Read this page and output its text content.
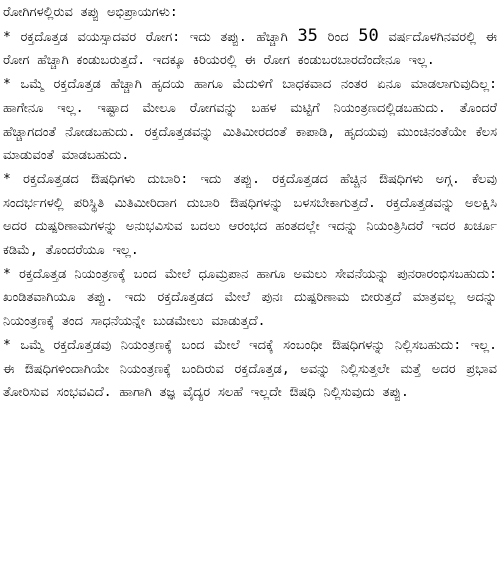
ರೋಗಿಗಳಲ್ಲಿರುವ ತಪ್ಪು ಅಭಿಪ್ರಾಯಗಳು:

* ರಕ್ತದೊತ್ತಡ ವಯಸ್ಸಾದವರ ರೋಗ: ಇದು ತಪ್ಪು. ಹೆಚ್ಚಾಗಿ 35 ರಿಂದ 50 ವರ್ಷದೊಳಗಿನವರಲ್ಲಿ ಈ ರೋಗ ಹೆಚ್ಚಾಗಿ ಕಂಡುಬರುತ್ತದೆ. ಇದಕ್ಕೂ ಕಿರಿಯರಲ್ಲಿ ಈ ರೋಗ ಕಂಡುಬರಬಾರದೆಂದೇನೂ ಇಲ್ಲ.

* ಒಮ್ಮೆ ರಕ್ತದೊತ್ತಡ ಹೆಚ್ಚಾಗಿ ಹೃದಯ ಹಾಗೂ ಮೆದುಳಿಗೆ ಬಾಧಕವಾದ ನಂತರ ಏನೂ ಮಾಡಲಾಗುವುದಿಲ್ಲ: ಹಾಗೇನೂ ಇಲ್ಲ. ಇಷ್ಟಾದ ಮೇಲೂ ರೋಗವನ್ನು ಬಹಳ ಮಟ್ಟಿಗೆ ನಿಯಂತ್ರಣದಲ್ಲಿಡಬಹುದು. ತೊಂದರೆ ಹೆಚ್ಚಾಗದಂತೆ ನೋಡಬಹುದು. ರಕ್ತದೊತ್ತಡವನ್ನು ಮಿತಿಮೀರದಂತೆ ಕಾಪಾಡಿ, ಹೃದಯವು ಮುಂಚಿನಂತೆಯೇ ಕೆಲಸ ಮಾಡುವಂತೆ ಮಾಡಬಹುದು.

* ರಕ್ತದೊತ್ತಡದ ಔಷಧಿಗಳು ದುಬಾರಿ: ಇದು ತಪ್ಪು. ರಕ್ತದೊತ್ತಡದ ಹೆಚ್ಚಿನ ಔಷಧಿಗಳು ಅಗ್ಗ. ಕೆಲವು ಸಂದರ್ಭಗಳಲ್ಲಿ ಪರಿಸ್ಥಿತಿ ಮಿತಿಮೀರಿದಾಗ ದುಬಾರಿ ಔಷಧಿಗಳನ್ನು ಬಳಸಬೇಕಾಗುತ್ತದೆ. ರಕ್ತದೊತ್ತಡವನ್ನು ಅಲಕ್ಷಿಸಿ ಅದರ ದುಷ್ಪರಿಣಾಮಗಳನ್ನು ಅನುಭವಿಸುವ ಬದಲು ಆರಂಭದ ಹಂತದಲ್ಲೇ ಇದನ್ನು ನಿಯಂತ್ರಿಸಿದರೆ ಇದರ ಖರ್ಚೂ ಕಡಿಮೆ, ತೊಂದರೆಯೂ ಇಲ್ಲ.

* ರಕ್ತದೊತ್ತಡ ನಿಯಂತ್ರಣಕ್ಕೆ ಬಂದ ಮೇಲೆ ಧೂಮ್ರಪಾನ ಹಾಗೂ ಅಮಲು ಸೇವನೆಯನ್ನು ಪುನರಾರಂಭಿಸಬಹುದು: ಖಂಡಿತವಾಗಿಯೂ ತಪ್ಪು. ಇದು ರಕ್ತದೊತ್ತಡದ ಮೇಲೆ ಪುನಃ ದುಷ್ಪರಿಣಾಮ ಬೀರುತ್ತದೆ ಮಾತ್ರವಲ್ಲ ಅದನ್ನು ನಿಯಂತ್ರಣಕ್ಕೆ ತಂದ ಸಾಧನೆಯನ್ನೇ ಬುಡಮೇಲು ಮಾಡುತ್ತದೆ.

* ಒಮ್ಮೆ ರಕ್ತದೊತ್ತಡವು ನಿಯಂತ್ರಣಕ್ಕೆ ಬಂದ ಮೇಲೆ ಇದಕ್ಕೆ ಸಂಬಂಧೀ ಔಷಧಿಗಳನ್ನು ನಿಲ್ಲಿಸಬಹುದು: ಇಲ್ಲ. ಈ ಔಷಧಿಗಳಿಂದಾಗಿಯೇ ನಿಯಂತ್ರಣಕ್ಕೆ ಬಂದಿರುವ ರಕ್ತದೊತ್ತಡ, ಅವನ್ನು ನಿಲ್ಲಿಸುತ್ತಲೇ ಮತ್ತೆ ಅದರ ಪ್ರಭಾವ ತೋರಿಸುವ ಸಂಭವವಿದೆ. ಹಾಗಾಗಿ ತಜ್ಞ ವೈದ್ಯರ ಸಲಹೆ ಇಲ್ಲದೇ ಔಷಧಿ ನಿಲ್ಲಿಸುವುದು ತಪ್ಪು.
